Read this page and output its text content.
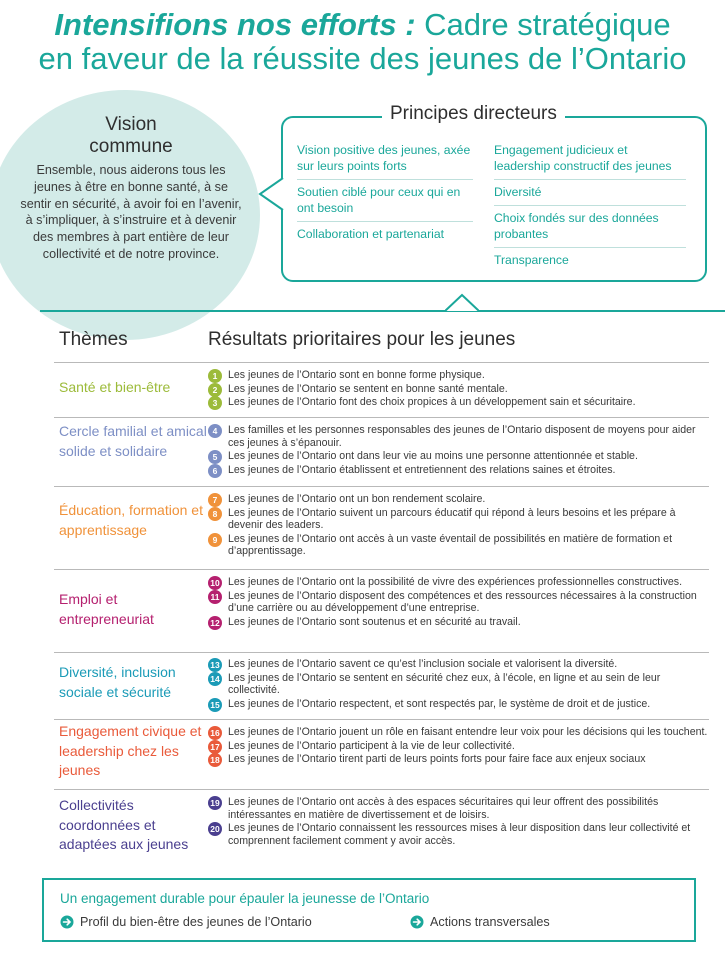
Intensifions nos efforts : Cadre stratégique
en faveur de la réussite des jeunes de l’Ontario
Vision
commune
Ensemble, nous aiderons tous les jeunes à être en bonne santé, à se sentir en sécurité, à avoir foi en l’avenir, à s’impliquer, à s’instruire et à devenir des membres à part entière de leur collectivité et de notre province.
Principes directeurs
Vision positive des jeunes, axée sur leurs points forts
Soutien ciblé pour ceux qui en ont besoin
Collaboration et partenariat
Engagement judicieux et leadership constructif des jeunes
Diversité
Choix fondés sur des données probantes
Transparence
Thèmes	Résultats prioritaires pour les jeunes
Santé et bien-être
1	Les jeunes de l’Ontario sont en bonne forme physique.
2	Les jeunes de l’Ontario se sentent en bonne santé mentale.
3	Les jeunes de l’Ontario font des choix propices à un développement sain et sécuritaire.
Cercle familial et amical solide et solidaire
4	Les familles et les personnes responsables des jeunes de l’Ontario disposent de moyens pour aider ces jeunes à s’épanouir.
5	Les jeunes de l’Ontario ont dans leur vie au moins une personne attentionnée et stable.
6	Les jeunes de l’Ontario établissent et entretiennent des relations saines et étroites.
Éducation, formation et apprentissage
7	Les jeunes de l’Ontario ont un bon rendement scolaire.
8	Les jeunes de l’Ontario suivent un parcours éducatif qui répond à leurs besoins et les prépare à devenir des leaders.
9	Les jeunes de l’Ontario ont accès à un vaste éventail de possibilités en matière de formation et d’apprentissage.
Emploi et entrepreneuriat
10 Les jeunes de l’Ontario ont la possibilité de vivre des expériences professionnelles constructives.
11 Les jeunes de l’Ontario disposent des compétences et des ressources nécessaires à la construction d’une carrière ou au développement d’une entreprise.
12 Les jeunes de l’Ontario sont soutenus et en sécurité au travail.
Diversité, inclusion sociale et sécurité
13 Les jeunes de l’Ontario savent ce qu’est l’inclusion sociale et valorisent la diversité.
14 Les jeunes de l’Ontario se sentent en sécurité chez eux, à l’école, en ligne et au sein de leur collectivité.
15 Les jeunes de l’Ontario respectent, et sont respectés par, le système de droit et de justice.
Engagement civique et leadership chez les jeunes
16 Les jeunes de l’Ontario jouent un rôle en faisant entendre leur voix pour les décisions qui les touchent.
17 Les jeunes de l’Ontario participent à la vie de leur collectivité.
18 Les jeunes de l’Ontario tirent parti de leurs points forts pour faire face aux enjeux sociaux
Collectivités coordonnées et adaptées aux jeunes
19 Les jeunes de l’Ontario ont accès à des espaces sécuritaires qui leur offrent des possibilités intéressantes en matière de divertissement et de loisirs.
20 Les jeunes de l’Ontario connaissent les ressources mises à leur disposition dans leur collectivité et comprennent facilement comment y avoir accès.
Un engagement durable pour épauler la jeunesse de l’Ontario
Profil du bien-être des jeunes de l’Ontario	Actions transversales
